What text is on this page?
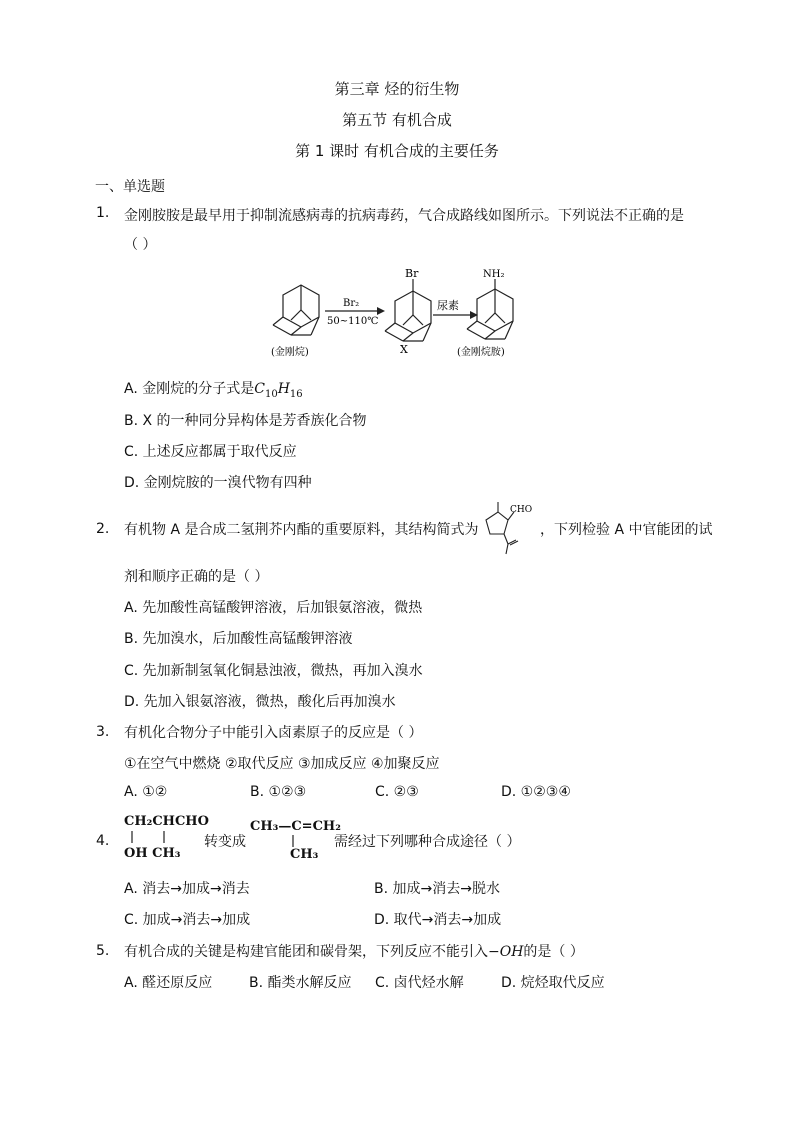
第三章 烃的衍生物
第五节 有机合成
第 1 课时 有机合成的主要任务
一、单选题
1. 金刚胺胺是最早用于抑制流感病毒的抗病毒药，气合成路线如图所示。下列说法不正确的是
（ ）
(金刚烷)
Br₂
50~110℃
Br
X
尿素
NH₂
(金刚烷胺)
A. 金刚烷的分子式是$C_{10}H_{16}$
B. X 的一种同分异构体是芳香族化合物
C. 上述反应都属于取代反应
D. 金刚烷胺的一溴代物有四种
2. 有机物 A 是合成二氢荆芥内酯的重要原料，其结构简式为
CHO
，下列检验 A 中官能团的试
剂和顺序正确的是（ ）
A. 先加酸性高锰酸钾溶液，后加银氨溶液，微热
B. 先加溴水，后加酸性高锰酸钾溶液
C. 先加新制氢氧化铜悬浊液，微热，再加入溴水
D. 先加入银氨溶液，微热，酸化后再加溴水
3. 有机化合物分子中能引入卤素原子的反应是（ ）
①在空气中燃烧 ②取代反应 ③加成反应 ④加聚反应
A. ①②	B. ①②③	C. ②③	D. ①②③④
4.
CH₂CHCHO
OH CH₃
转变成
CH₃—C=CH₂
CH₃
需经过下列哪种合成途径（ ）
A. 消去→加成→消去	B. 加成→消去→脱水
C. 加成→消去→加成	D. 取代→消去→加成
5. 有机合成的关键是构建官能团和碳骨架，下列反应不能引入−OH的是（ ）
A. 醛还原反应	B. 酯类水解反应 C. 卤代烃水解	D. 烷烃取代反应
